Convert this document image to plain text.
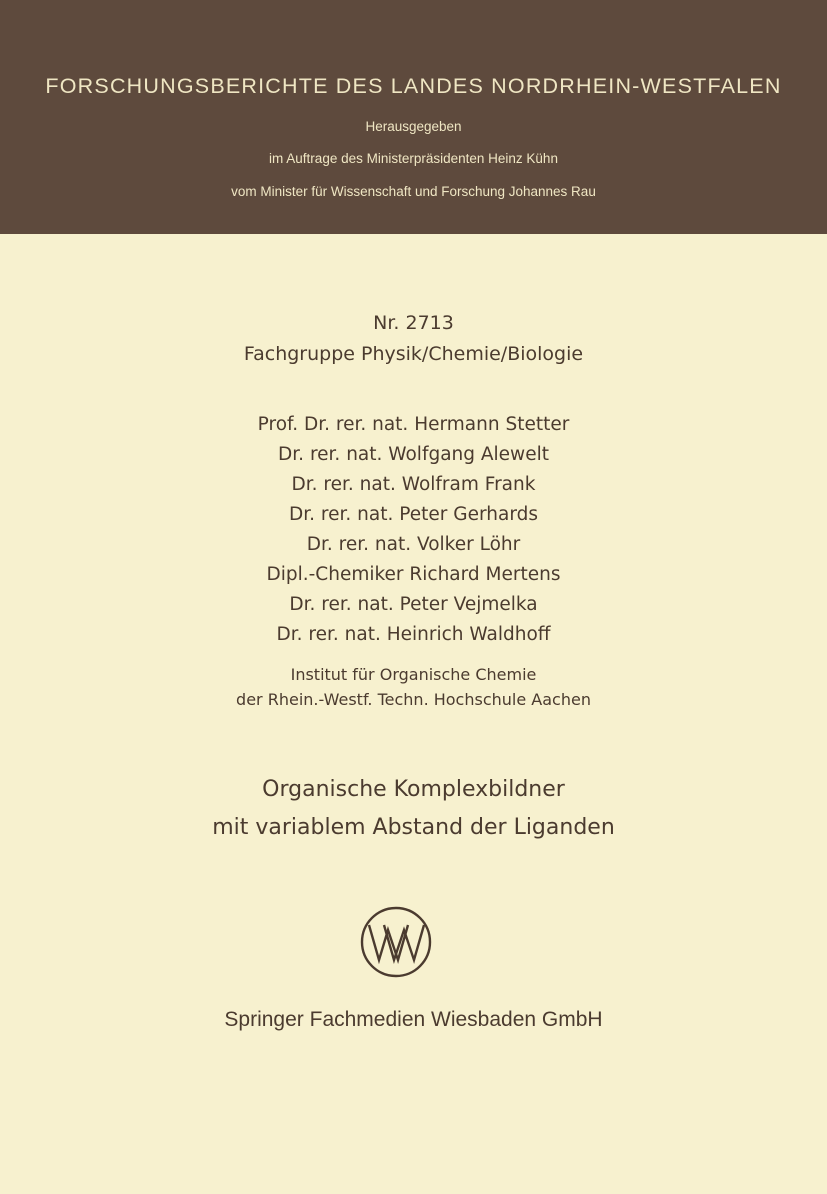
FORSCHUNGSBERICHTE DES LANDES NORDRHEIN-WESTFALEN
Herausgegeben
im Auftrage des Ministerpräsidenten Heinz Kühn
vom Minister für Wissenschaft und Forschung Johannes Rau
Nr. 2713
Fachgruppe Physik/Chemie/Biologie
Prof. Dr. rer. nat. Hermann Stetter
Dr. rer. nat. Wolfgang Alewelt
Dr. rer. nat. Wolfram Frank
Dr. rer. nat. Peter Gerhards
Dr. rer. nat. Volker Löhr
Dipl.-Chemiker Richard Mertens
Dr. rer. nat. Peter Vejmelka
Dr. rer. nat. Heinrich Waldhoff
Institut für Organische Chemie
der Rhein.-Westf. Techn. Hochschule Aachen
Organische Komplexbildner
mit variablem Abstand der Liganden
Springer Fachmedien Wiesbaden GmbH
